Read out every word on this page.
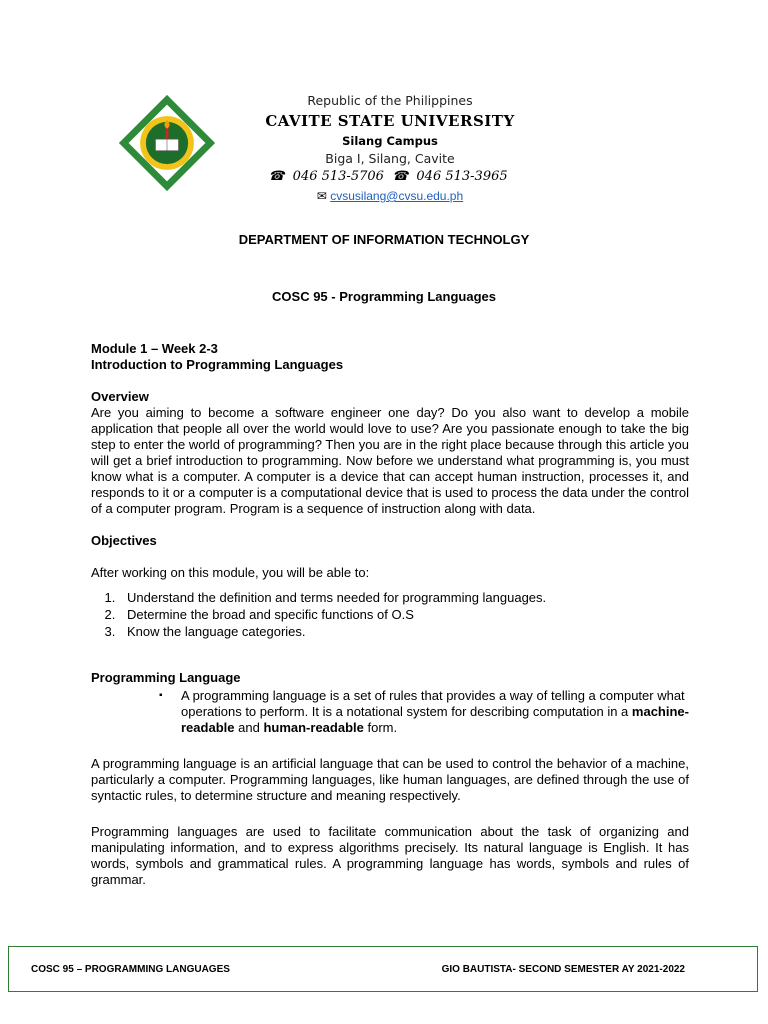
Republic of the Philippines
CAVITE STATE UNIVERSITY
Silang Campus
Biga I, Silang, Cavite
☎ 046 513-5706 ☎ 046 513-3965
✉ cvsusilang@cvsu.edu.ph
DEPARTMENT OF INFORMATION TECHNOLGY
COSC 95 - Programming Languages
Module 1 – Week 2-3
Introduction to Programming Languages
Overview
Are you aiming to become a software engineer one day? Do you also want to develop a mobile application that people all over the world would love to use? Are you passionate enough to take the big step to enter the world of programming? Then you are in the right place because through this article you will get a brief introduction to programming. Now before we understand what programming is, you must know what is a computer. A computer is a device that can accept human instruction, processes it, and responds to it or a computer is a computational device that is used to process the data under the control of a computer program. Program is a sequence of instruction along with data.
Objectives
After working on this module, you will be able to:
1. Understand the definition and terms needed for programming languages.
2. Determine the broad and specific functions of O.S
3. Know the language categories.
Programming Language
▪ A programming language is a set of rules that provides a way of telling a computer what operations to perform. It is a notational system for describing computation in a machine-readable and human-readable form.
A programming language is an artificial language that can be used to control the behavior of a machine, particularly a computer. Programming languages, like human languages, are defined through the use of syntactic rules, to determine structure and meaning respectively.
Programming languages are used to facilitate communication about the task of organizing and manipulating information, and to express algorithms precisely. Its natural language is English. It has words, symbols and grammatical rules. A programming language has words, symbols and rules of grammar.
COSC 95 – PROGRAMMING LANGUAGES	GIO BAUTISTA- SECOND SEMESTER AY 2021-2022
